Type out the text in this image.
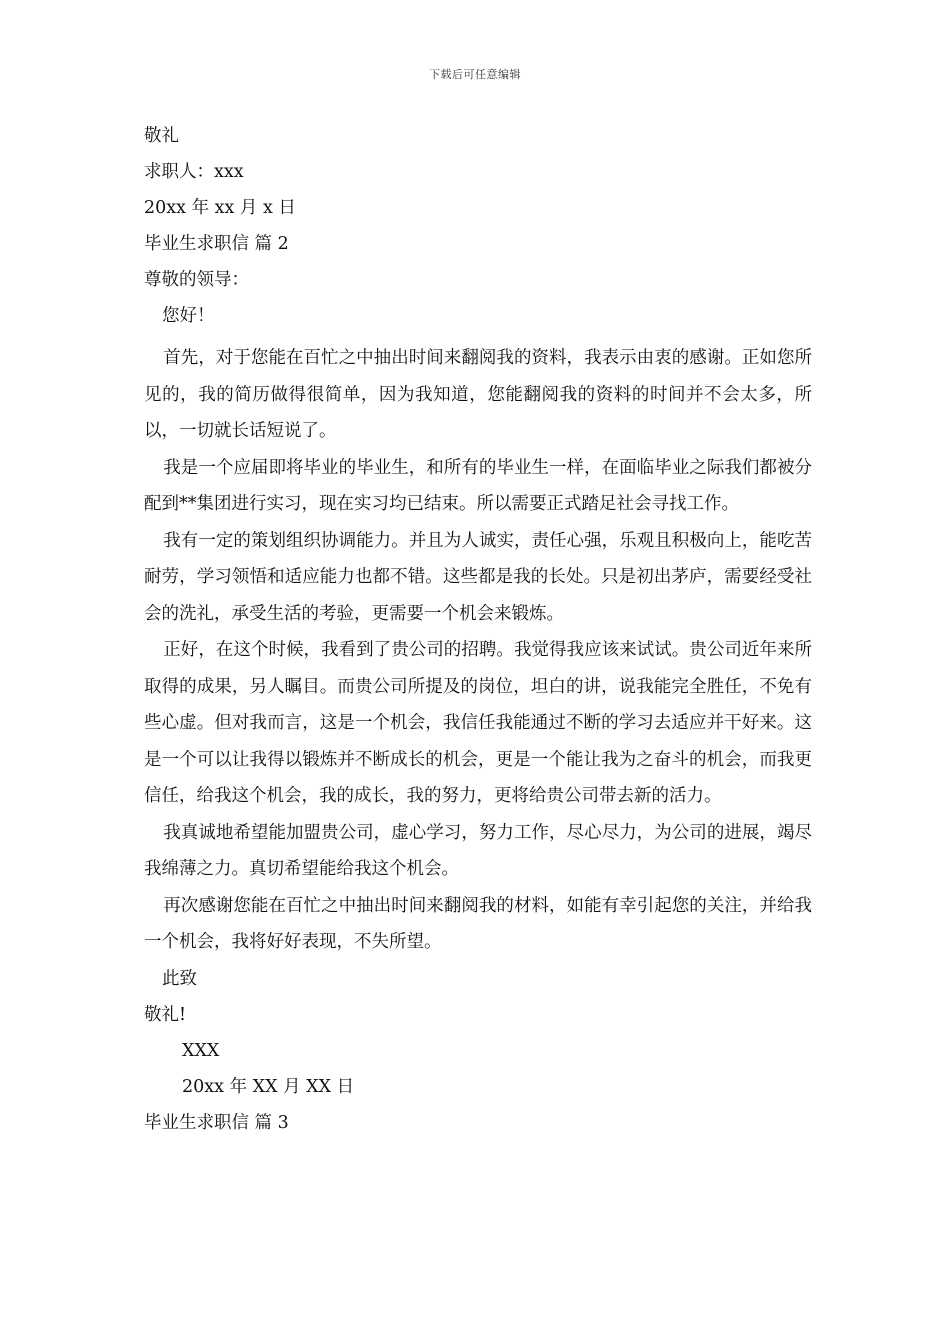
下载后可任意编辑
敬礼
求职人：xxx
20xx 年 xx 月 x 日
毕业生求职信 篇 2
尊敬的领导：
您好！

首先，对于您能在百忙之中抽出时间来翻阅我的资料，我表示由衷的感谢。正如您所见的，我的简历做得很简单，因为我知道，您能翻阅我的资料的时间并不会太多，所以，一切就长话短说了。

我是一个应届即将毕业的毕业生，和所有的毕业生一样，在面临毕业之际我们都被分配到**集团进行实习，现在实习均已结束。所以需要正式踏足社会寻找工作。

我有一定的策划组织协调能力。并且为人诚实，责任心强，乐观且积极向上，能吃苦耐劳，学习领悟和适应能力也都不错。这些都是我的长处。只是初出茅庐，需要经受社会的洗礼，承受生活的考验，更需要一个机会来锻炼。

正好，在这个时候，我看到了贵公司的招聘。我觉得我应该来试试。贵公司近年来所取得的成果，另人瞩目。而贵公司所提及的岗位，坦白的讲，说我能完全胜任，不免有些心虚。但对我而言，这是一个机会，我信任我能通过不断的学习去适应并干好来。这是一个可以让我得以锻炼并不断成长的机会，更是一个能让我为之奋斗的机会，而我更信任，给我这个机会，我的成长，我的努力，更将给贵公司带去新的活力。

我真诚地希望能加盟贵公司，虚心学习，努力工作，尽心尽力，为公司的进展，竭尽我绵薄之力。真切希望能给我这个机会。

再次感谢您能在百忙之中抽出时间来翻阅我的材料，如能有幸引起您的关注，并给我一个机会，我将好好表现，不失所望。

此致
敬礼!
XXX
20xx 年 XX 月 XX 日
毕业生求职信 篇 3
